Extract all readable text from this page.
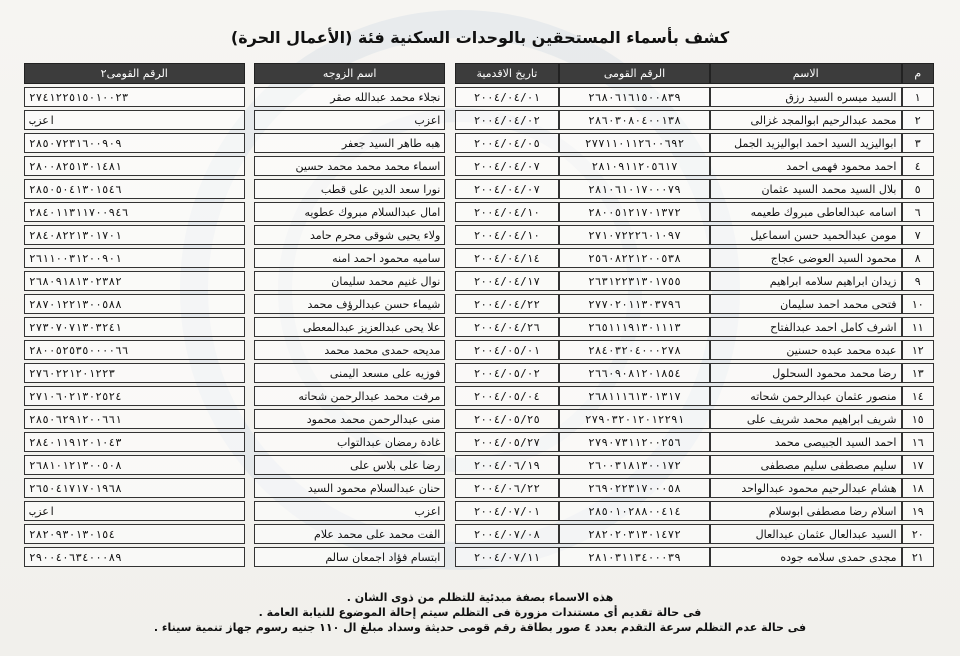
كشف بأسماء المستحقين بالوحدات السكنية فئة (الأعمال الحرة)
م	الاسم	الرقم القومى	تاريخ الاقدمية		اسم الزوجه		الرقم القومى٢
١	السيد ميسره السيد رزق	٢٦٨٠٦١٦١٥٠٠٨٣٩	٢٠٠٤/٠٤/٠١		نجلاء محمد عبدالله صقر		٢٧٤١٢٢٥١٥٠١٠٠٢٣
٢	محمد عبدالرحيم ابوالمجد غزالى	٢٨٦٠٣٠٨٠٤٠٠١٣٨	٢٠٠٤/٠٤/٠٢		اعزب		اعزب
٣	ابواليزيد السيد احمد ابواليزيد الجمل	٢٧٧١١٠١١٢٦٠٠٦٩٢	٢٠٠٤/٠٤/٠٥		هبه طاهر السيد جعفر		٢٨٥٠٧٢٣١٦٠٠٩٠٩
٤	احمد محمود فهمى احمد	٢٨١٠٩١١٢٠٥٦١٧	٢٠٠٤/٠٤/٠٧		اسماء محمد محمد محمد حسين		٢٨٠٠٨٢٥١٣٠١٤٨١
٥	بلال السيد محمد السيد عثمان	٢٨١٠٦١٠١٧٠٠٠٧٩	٢٠٠٤/٠٤/٠٧		نورا سعد الدين على قطب		٢٨٥٠٥٠٤١٣٠١٥٤٦
٦	اسامه عبدالعاطى مبروك طعيمه	٢٨٠٠٥١٢١٧٠١٣٧٢	٢٠٠٤/٠٤/١٠		امال عبدالسلام مبروك عطويه		٢٨٤٠١١٣١١٧٠٠٩٤٦
٧	مومن عبدالحميد حسن اسماعيل	٢٧١٠٧٢٢٢٦٠١٠٩٧	٢٠٠٤/٠٤/١٠		ولاء يحيى شوقى محرم حامد		٢٨٤٠٨٢٢١٣٠١٧٠١
٨	محمود السيد العوضى عجاج	٢٥٦٠٨٢٢١٢٠٠٥٣٨	٢٠٠٤/٠٤/١٤		ساميه محمود احمد امنه		٢٦١١٠٠٣١٢٠٠٩٠١
٩	زيدان ابراهيم سلامه ابراهيم	٢٦٣١٢٢٣١٣٠١٧٥٥	٢٠٠٤/٠٤/١٧		نوال غنيم محمد سليمان		٢٦٨٠٩١٨١٣٠٢٣٨٢
١٠	فتحى محمد احمد سليمان	٢٧٧٠٢٠١١٣٠٣٧٩٦	٢٠٠٤/٠٤/٢٢		شيماء حسن عبدالرؤف محمد		٢٨٧٠١٢٢١٣٠٠٥٨٨
١١	اشرف كامل احمد عبدالفتاح	٢٦٥١١١٩١٣٠١١١٣	٢٠٠٤/٠٤/٢٦		علا يحى عبدالعزيز عبدالمعطى		٢٧٣٠٧٠٧١٣٠٣٢٤١
١٢	عبده محمد عبده حسنين	٢٨٤٠٣٢٠٤٠٠٠٢٧٨	٢٠٠٤/٠٥/٠١		مديحه حمدى محمد محمد		٢٨٠٠٥٢٥٣٥٠٠٠٠٦٦
١٣	رضا محمد محمود السحلول	٢٦٦٠٩٠٨١٢٠١٨٥٤	٢٠٠٤/٠٥/٠٢		فوزيه على مسعد اليمنى		٢٧٦٠٢٢١٢٠١٢٢٣
١٤	منصور عثمان عبدالرحمن شحاته	٢٦٨١١١٦١٣٠١٣١٧	٢٠٠٤/٠٥/٠٤		مرفت محمد عبدالرحمن شحاته		٢٧١٠٦٠٢١٣٠٢٥٢٤
١٥	شريف ابراهيم محمد شريف على	٢٧٩٠٣٢٠١٢٠١٢٢٩١	٢٠٠٤/٠٥/٢٥		منى عبدالرحمن محمد محمود		٢٨٥٠٦٢٩١٢٠٠٦٦١
١٦	احمد السيد الجبيصى محمد	٢٧٩٠٧٣١١٢٠٠٢٥٦	٢٠٠٤/٠٥/٢٧		غادة رمضان عبدالتواب		٢٨٤٠١١٩١٢٠١٠٤٣
١٧	سليم مصطفى سليم مصطفى	٢٦٠٠٣١٨١٣٠٠١٧٢	٢٠٠٤/٠٦/١٩		رضا على بلاس على		٢٦٨١٠١٢١٣٠٠٥٠٨
١٨	هشام عبدالرحيم محمود عبدالواحد	٢٦٩٠٢٢٣١٧٠٠٠٥٨	٢٠٠٤/٠٦/٢٢		حنان عبدالسلام محمود السيد		٢٦٥٠٤١٧١٧٠١٩٦٨
١٩	اسلام رضا مصطفى ابوسلام	٢٨٥٠١٠٢٨٨٠٠٤١٤	٢٠٠٤/٠٧/٠١		اعزب		اعزب
٢٠	السيد عبدالعال عثمان عبدالعال	٢٨٢٠٢٠٣١٣٠١٤٧٢	٢٠٠٤/٠٧/٠٨		الفت محمد على محمد علام		٢٨٢٠٩٣٠١٣٠١٥٤
٢١	مجدى حمدى سلامه جوده	٢٨١٠٣١١٣٤٠٠٠٣٩	٢٠٠٤/٠٧/١١		ابتسام فؤاد اجمعان سالم		٢٩٠٠٤٠٦٣٤٠٠٠٨٩
هذه الاسماء بصفة مبدئية للتظلم من ذوى الشان .
فى حالة تقديم أى مستندات مزورة فى التظلم سيتم إحالة الموضوع للنيابة العامة .
فى حالة عدم التظلم سرعة التقدم بعدد ٤ صور بطاقة رقم قومى حديثة وسداد مبلغ ال ١١٠ جنيه رسوم جهاز تنمية سيناء .
